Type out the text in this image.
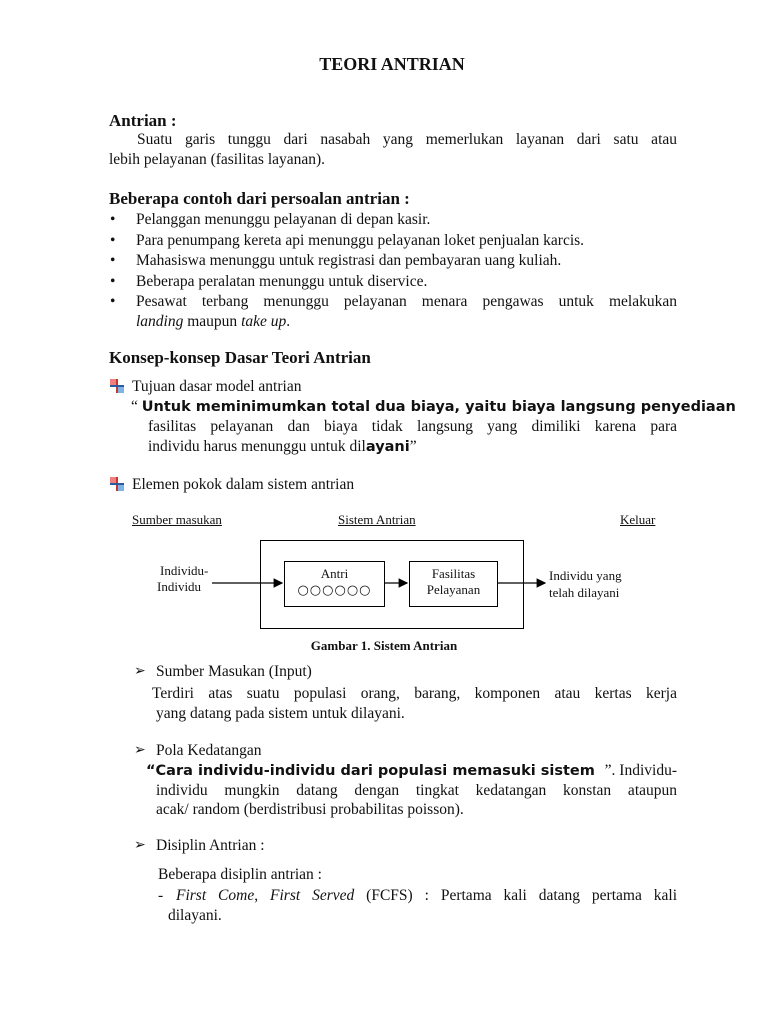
TEORI ANTRIAN
Antrian :
Suatu garis tunggu dari nasabah yang memerlukan layanan dari satu atau
lebih pelayanan (fasilitas layanan).
Beberapa contoh dari persoalan antrian :
• Pelanggan menunggu pelayanan di depan kasir.
• Para penumpang kereta api menunggu pelayanan loket penjualan karcis.
• Mahasiswa menunggu untuk registrasi dan pembayaran uang kuliah.
• Beberapa peralatan menunggu untuk diservice.
• Pesawat terbang menunggu pelayanan menara pengawas untuk melakukan
landing maupun take up.
Konsep-konsep Dasar Teori Antrian
Tujuan dasar model antrian
“ Untuk meminimumkan total dua biaya, yaitu biaya langsung penyediaan
fasilitas pelayanan dan biaya tidak langsung yang dimiliki karena para
individu harus menunggu untuk dilayani”
Elemen pokok dalam sistem antrian
Sumber masukan	Sistem Antrian	Keluar
Individu-
Individu
Antri
○○○○○○
Fasilitas
Pelayanan
Individu yang
telah dilayani
Gambar 1. Sistem Antrian
➢ Sumber Masukan (Input)
Terdiri atas suatu populasi orang, barang, komponen atau kertas kerja
yang datang pada sistem untuk dilayani.
➢ Pola Kedatangan
“Cara individu-individu dari populasi memasuki sistem ”. Individu-
individu mungkin datang dengan tingkat kedatangan konstan ataupun
acak/ random (berdistribusi probabilitas poisson).
➢ Disiplin Antrian :
Beberapa disiplin antrian :
- First Come, First Served (FCFS) : Pertama kali datang pertama kali
dilayani.
